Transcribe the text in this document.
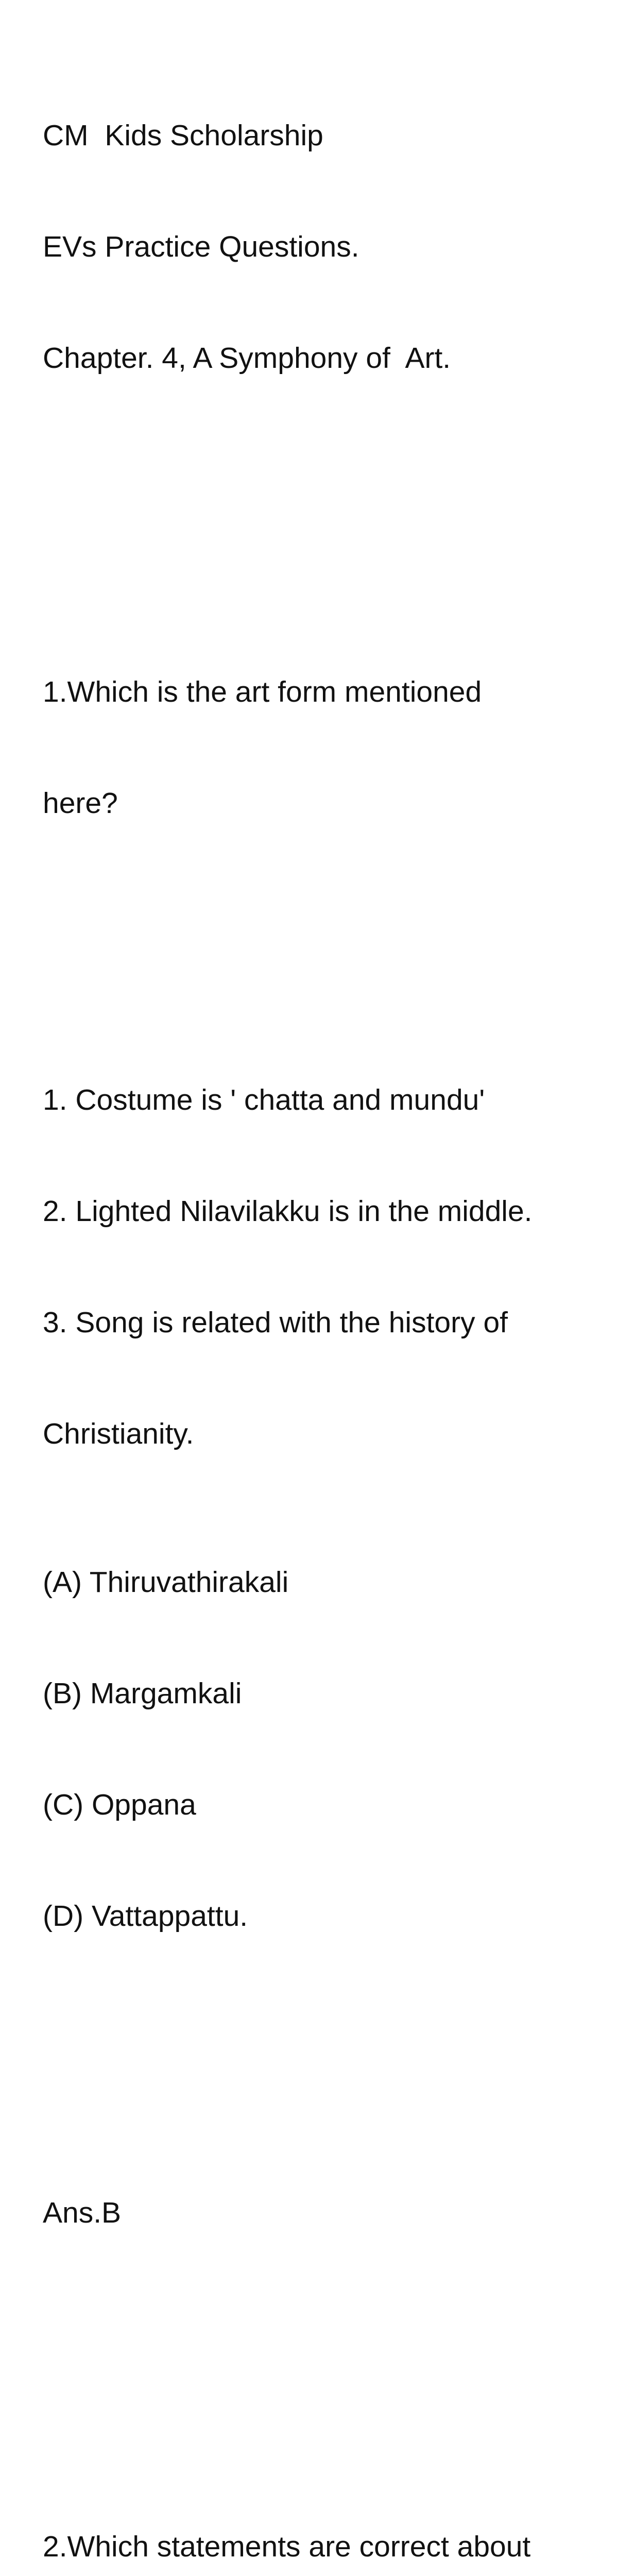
CM  Kids Scholarship

EVs Practice Questions.

Chapter. 4, A Symphony of  Art.

1.Which is the art form mentioned

here?

1. Costume is ' chatta and mundu'

2. Lighted Nilavilakku is in the middle.

3. Song is related with the history of

Christianity.

(A) Thiruvathirakali

(B) Margamkali

(C) Oppana

(D) Vattappattu.

Ans.B

2.Which statements are correct about
